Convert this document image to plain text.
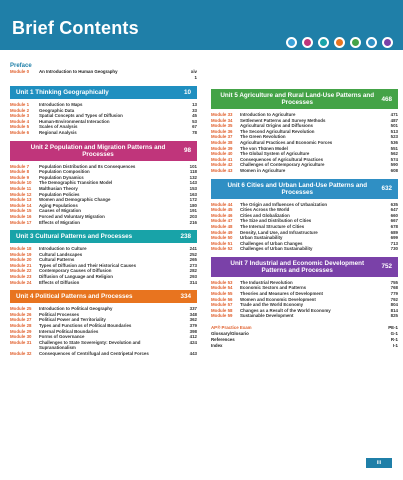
Brief Contents
Preface
Module 0	An Introduction to Human Geography	xiv
1
Unit 1 Thinking Geographically	10
Module 1	Introduction to Maps	13
Module 2	Geographic Data	33
Module 3	Spatial Concepts and Types of Diffusion	45
Module 4	Human-Environmental Interaction	53
Module 5	Scales of Analysis	67
Module 6	Regional Analysis	78
Unit 2 Population and Migration Patterns and Processes	98
Module 7	Population Distribution and Its Consequences	101
Module 8	Population Composition	118
Module 9	Population Dynamics	132
Module 10	The Demographic Transition Model	143
Module 11	Malthusian Theory	153
Module 12	Population Policies	163
Module 13	Women and Demographic Change	172
Module 14	Aging Populations	180
Module 15	Causes of Migration	191
Module 16	Forced and Voluntary Migration	203
Module 17	Effects of Migration	216
Unit 3 Cultural Patterns and Processes	238
Module 18	Introduction to Culture	241
Module 19	Cultural Landscapes	252
Module 20	Cultural Patterns	265
Module 21	Types of Diffusion and Their Historical Causes	273
Module 22	Contemporary Causes of Diffusion	282
Module 23	Diffusion of Language and Religion	293
Module 24	Effects of Diffusion	314
Unit 4 Political Patterns and Processes	334
Module 25	Introduction to Political Geography	337
Module 26	Political Processes	348
Module 27	Political Power and Territoriality	362
Module 28	Types and Functions of Political Boundaries	379
Module 29	Internal Political Boundaries	398
Module 30	Forms of Governance	412
Module 31	Challenges to State Sovereignty: Devolution and Supranationalism
424
Module 32	Consequences of Centrifugal and Centripetal Forces	443
Unit 5 Agriculture and Rural Land-Use Patterns and Processes	468
Module 33	Introduction to Agriculture	471
Module 34	Settlement Patterns and Survey Methods	487
Module 35	Agricultural Origins and Diffusions	501
Module 36	The Second Agricultural Revolution	513
Module 37	The Green Revolution	523
Module 38	Agricultural Practices and Economic Forces	536
Module 39	The von Thünen Model	551
Module 40	The Global System of Agriculture	562
Module 41	Consequences of Agricultural Practices	574
Module 42	Challenges of Contemporary Agriculture	590
Module 43	Women in Agriculture	608
Unit 6 Cities and Urban Land-Use Patterns and Processes	632
Module 44	The Origin and Influences of Urbanization	635
Module 45	Cities Across the World	647
Module 46	Cities and Globalization	660
Module 47	The Size and Distribution of Cities	667
Module 48	The Internal Structure of Cities	678
Module 49	Density, Land Use, and Infrastructure	689
Module 50	Urban Sustainability	699
Module 51	Challenges of Urban Changes	713
Module 52	Challenges of Urban Sustainability	730
Unit 7 Industrial and Economic Development Patterns and Processes	752
Module 53	The Industrial Revolution	755
Module 54	Economic Sectors and Patterns	768
Module 55	Theories and Measures of Development	779
Module 56	Women and Economic Development	792
Module 57	Trade and the World Economy	804
Module 58	Changes as a Result of the World Economy	814
Module 59	Sustainable Development	825
AP® Practice Exam	PE-1
Glossary/Glosario	G-1
References	R-1
Index	I-1
iii
